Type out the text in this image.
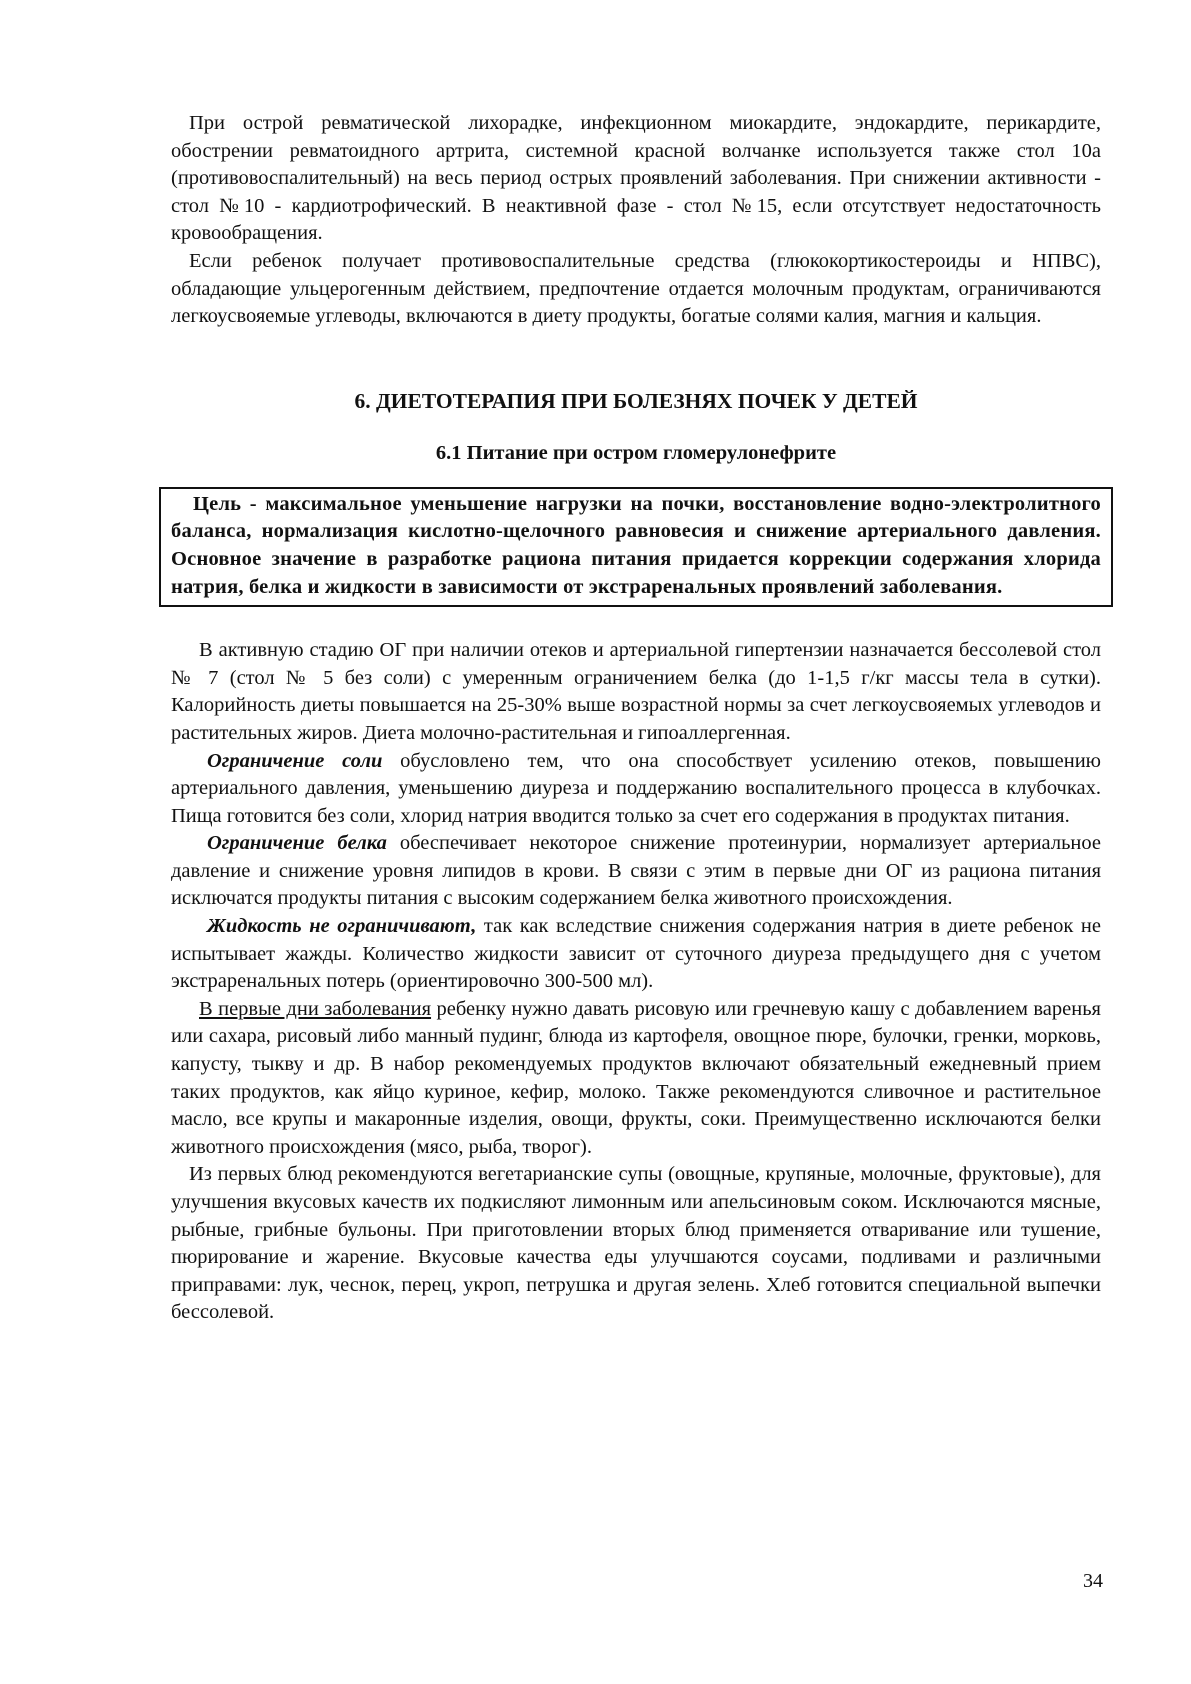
При острой ревматической лихорадке, инфекционном миокардите, эндокардите, перикардите, обострении ревматоидного артрита, системной красной волчанке используется также стол 10а (противовоспалительный) на весь период острых проявлений заболевания. При снижении активности - стол №10 - кардиотрофический. В неактивной фазе - стол №15, если отсутствует недостаточность кровообращения.

Если ребенок получает противовоспалительные средства (глюкокортикостероиды и НПВС), обладающие ульцерогенным действием, предпочтение отдается молочным продуктам, ограничиваются легкоусвояемые углеводы, включаются в диету продукты, богатые солями калия, магния и кальция.

6. ДИЕТОТЕРАПИЯ ПРИ БОЛЕЗНЯХ ПОЧЕК У ДЕТЕЙ
6.1 Питание при остром гломерулонефрите

Цель - максимальное уменьшение нагрузки на почки, восстановление водно-электролитного баланса, нормализация кислотно-щелочного равновесия и снижение артериального давления. Основное значение в разработке рациона питания придается коррекции содержания хлорида натрия, белка и жидкости в зависимости от экстраренальных проявлений заболевания.

В активную стадию ОГ при наличии отеков и артериальной гипертензии назначается бессолевой стол № 7 (стол № 5 без соли) с умеренным ограничением белка (до 1-1,5 г/кг массы тела в сутки). Калорийность диеты повышается на 25-30% выше возрастной нормы за счет легкоусвояемых углеводов и растительных жиров. Диета молочно-растительная и гипоаллергенная.

Ограничение соли обусловлено тем, что она способствует усилению отеков, повышению артериального давления, уменьшению диуреза и поддержанию воспалительного процесса в клубочках. Пища готовится без соли, хлорид натрия вводится только за счет его содержания в продуктах питания.

Ограничение белка обеспечивает некоторое снижение протеинурии, нормализует артериальное давление и снижение уровня липидов в крови. В связи с этим в первые дни ОГ из рациона питания исключатся продукты питания с высоким содержанием белка животного происхождения.

Жидкость не ограничивают, так как вследствие снижения содержания натрия в диете ребенок не испытывает жажды. Количество жидкости зависит от суточного диуреза предыдущего дня с учетом экстраренальных потерь (ориентировочно 300-500 мл).

В первые дни заболевания ребенку нужно давать рисовую или гречневую кашу с добавлением варенья или сахара, рисовый либо манный пудинг, блюда из картофеля, овощное пюре, булочки, гренки, морковь, капусту, тыкву и др. В набор рекомендуемых продуктов включают обязательный ежедневный прием таких продуктов, как яйцо куриное, кефир, молоко. Также рекомендуются сливочное и растительное масло, все крупы и макаронные изделия, овощи, фрукты, соки. Преимущественно исключаются белки животного происхождения (мясо, рыба, творог).

Из первых блюд рекомендуются вегетарианские супы (овощные, крупяные, молочные, фруктовые), для улучшения вкусовых качеств их подкисляют лимонным или апельсиновым соком. Исключаются мясные, рыбные, грибные бульоны. При приготовлении вторых блюд применяется отваривание или тушение, пюрирование и жарение. Вкусовые качества еды улучшаются соусами, подливами и различными приправами: лук, чеснок, перец, укроп, петрушка и другая зелень. Хлеб готовится специальной выпечки бессолевой.

34
